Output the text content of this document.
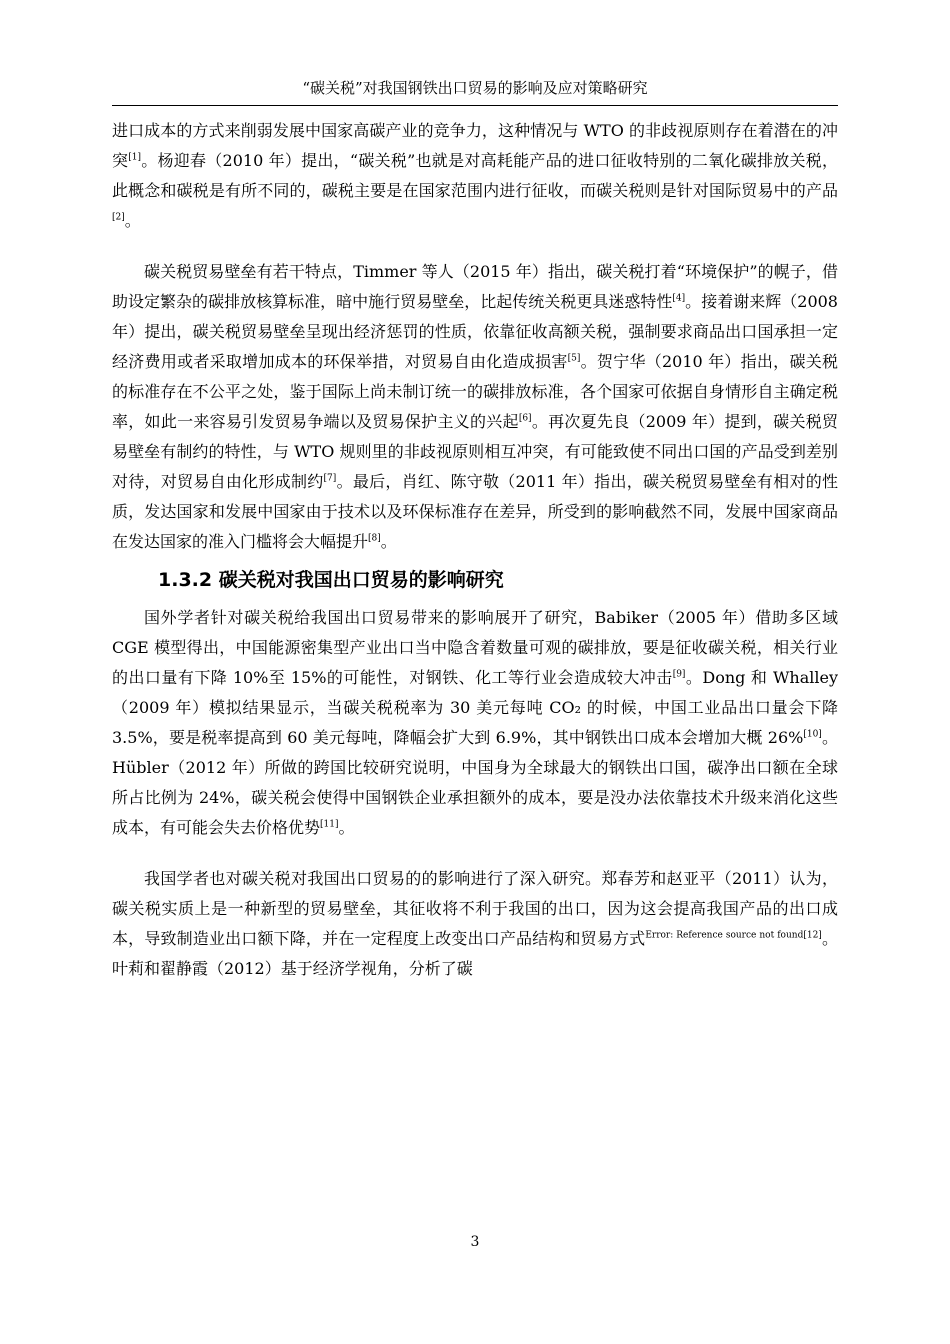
“碳关税”对我国钢铁出口贸易的影响及应对策略研究

进口成本的方式来削弱发展中国家高碳产业的竞争力，这种情况与 WTO 的非歧视原则存在着潜在的冲突[1]。杨迎春（2010 年）提出，“碳关税”也就是对高耗能产品的进口征收特别的二氧化碳排放关税，此概念和碳税是有所不同的，碳税主要是在国家范围内进行征收，而碳关税则是针对国际贸易中的产品[2]。

碳关税贸易壁垒有若干特点，Timmer 等人（2015 年）指出，碳关税打着“环境保护”的幌子，借助设定繁杂的碳排放核算标准，暗中施行贸易壁垒，比起传统关税更具迷惑特性[4]。接着谢来辉（2008 年）提出，碳关税贸易壁垒呈现出经济惩罚的性质，依靠征收高额关税，强制要求商品出口国承担一定经济费用或者采取增加成本的环保举措，对贸易自由化造成损害[5]。贺宁华（2010 年）指出，碳关税的标准存在不公平之处，鉴于国际上尚未制订统一的碳排放标准，各个国家可依据自身情形自主确定税率，如此一来容易引发贸易争端以及贸易保护主义的兴起[6]。再次夏先良（2009 年）提到，碳关税贸易壁垒有制约的特性，与 WTO 规则里的非歧视原则相互冲突，有可能致使不同出口国的产品受到差别对待，对贸易自由化形成制约[7]。最后，肖红、陈守敬（2011 年）指出，碳关税贸易壁垒有相对的性质，发达国家和发展中国家由于技术以及环保标准存在差异，所受到的影响截然不同，发展中国家商品在发达国家的准入门槛将会大幅提升[8]。

1.3.2 碳关税对我国出口贸易的影响研究

国外学者针对碳关税给我国出口贸易带来的影响展开了研究，Babiker（2005 年）借助多区域 CGE 模型得出，中国能源密集型产业出口当中隐含着数量可观的碳排放，要是征收碳关税，相关行业的出口量有下降 10%至 15%的可能性，对钢铁、化工等行业会造成较大冲击[9]。Dong 和 Whalley（2009 年）模拟结果显示，当碳关税税率为 30 美元每吨 CO₂ 的时候，中国工业品出口量会下降 3.5%，要是税率提高到 60 美元每吨，降幅会扩大到 6.9%，其中钢铁出口成本会增加大概 26%[10]。Hübler（2012 年）所做的跨国比较研究说明，中国身为全球最大的钢铁出口国，碳净出口额在全球所占比例为 24%，碳关税会使得中国钢铁企业承担额外的成本，要是没办法依靠技术升级来消化这些成本，有可能会失去价格优势[11]。

我国学者也对碳关税对我国出口贸易的的影响进行了深入研究。郑春芳和赵亚平（2011）认为，碳关税实质上是一种新型的贸易壁垒，其征收将不利于我国的出口，因为这会提高我国产品的出口成本，导致制造业出口额下降，并在一定程度上改变出口产品结构和贸易方式$^{Error: Reference source not found[12]}$。叶莉和翟静霞（2012）基于经济学视角，分析了碳

3
